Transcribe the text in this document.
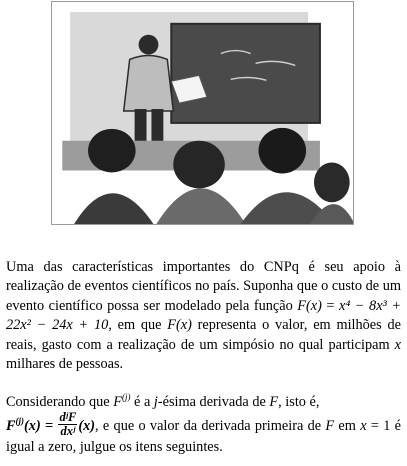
Uma das características importantes do CNPq é seu apoio à realização de eventos científicos no país. Suponha que o custo de um evento científico possa ser modelado pela função F(x) = x⁴ − 8x³ + 22x² − 24x + 10, em que F(x) representa o valor, em milhões de reais, gasto com a realização de um simpósio no qual participam x milhares de pessoas.

Considerando que $F^{(j)}$ é a j-ésima derivada de F, isto é,
$F^{(j)}(x) = \frac{\text{dʲF}}{\text{dxʲ}} (x)$, e que o valor da derivada primeira de F em x = 1 é igual a zero, julgue os itens seguintes.
